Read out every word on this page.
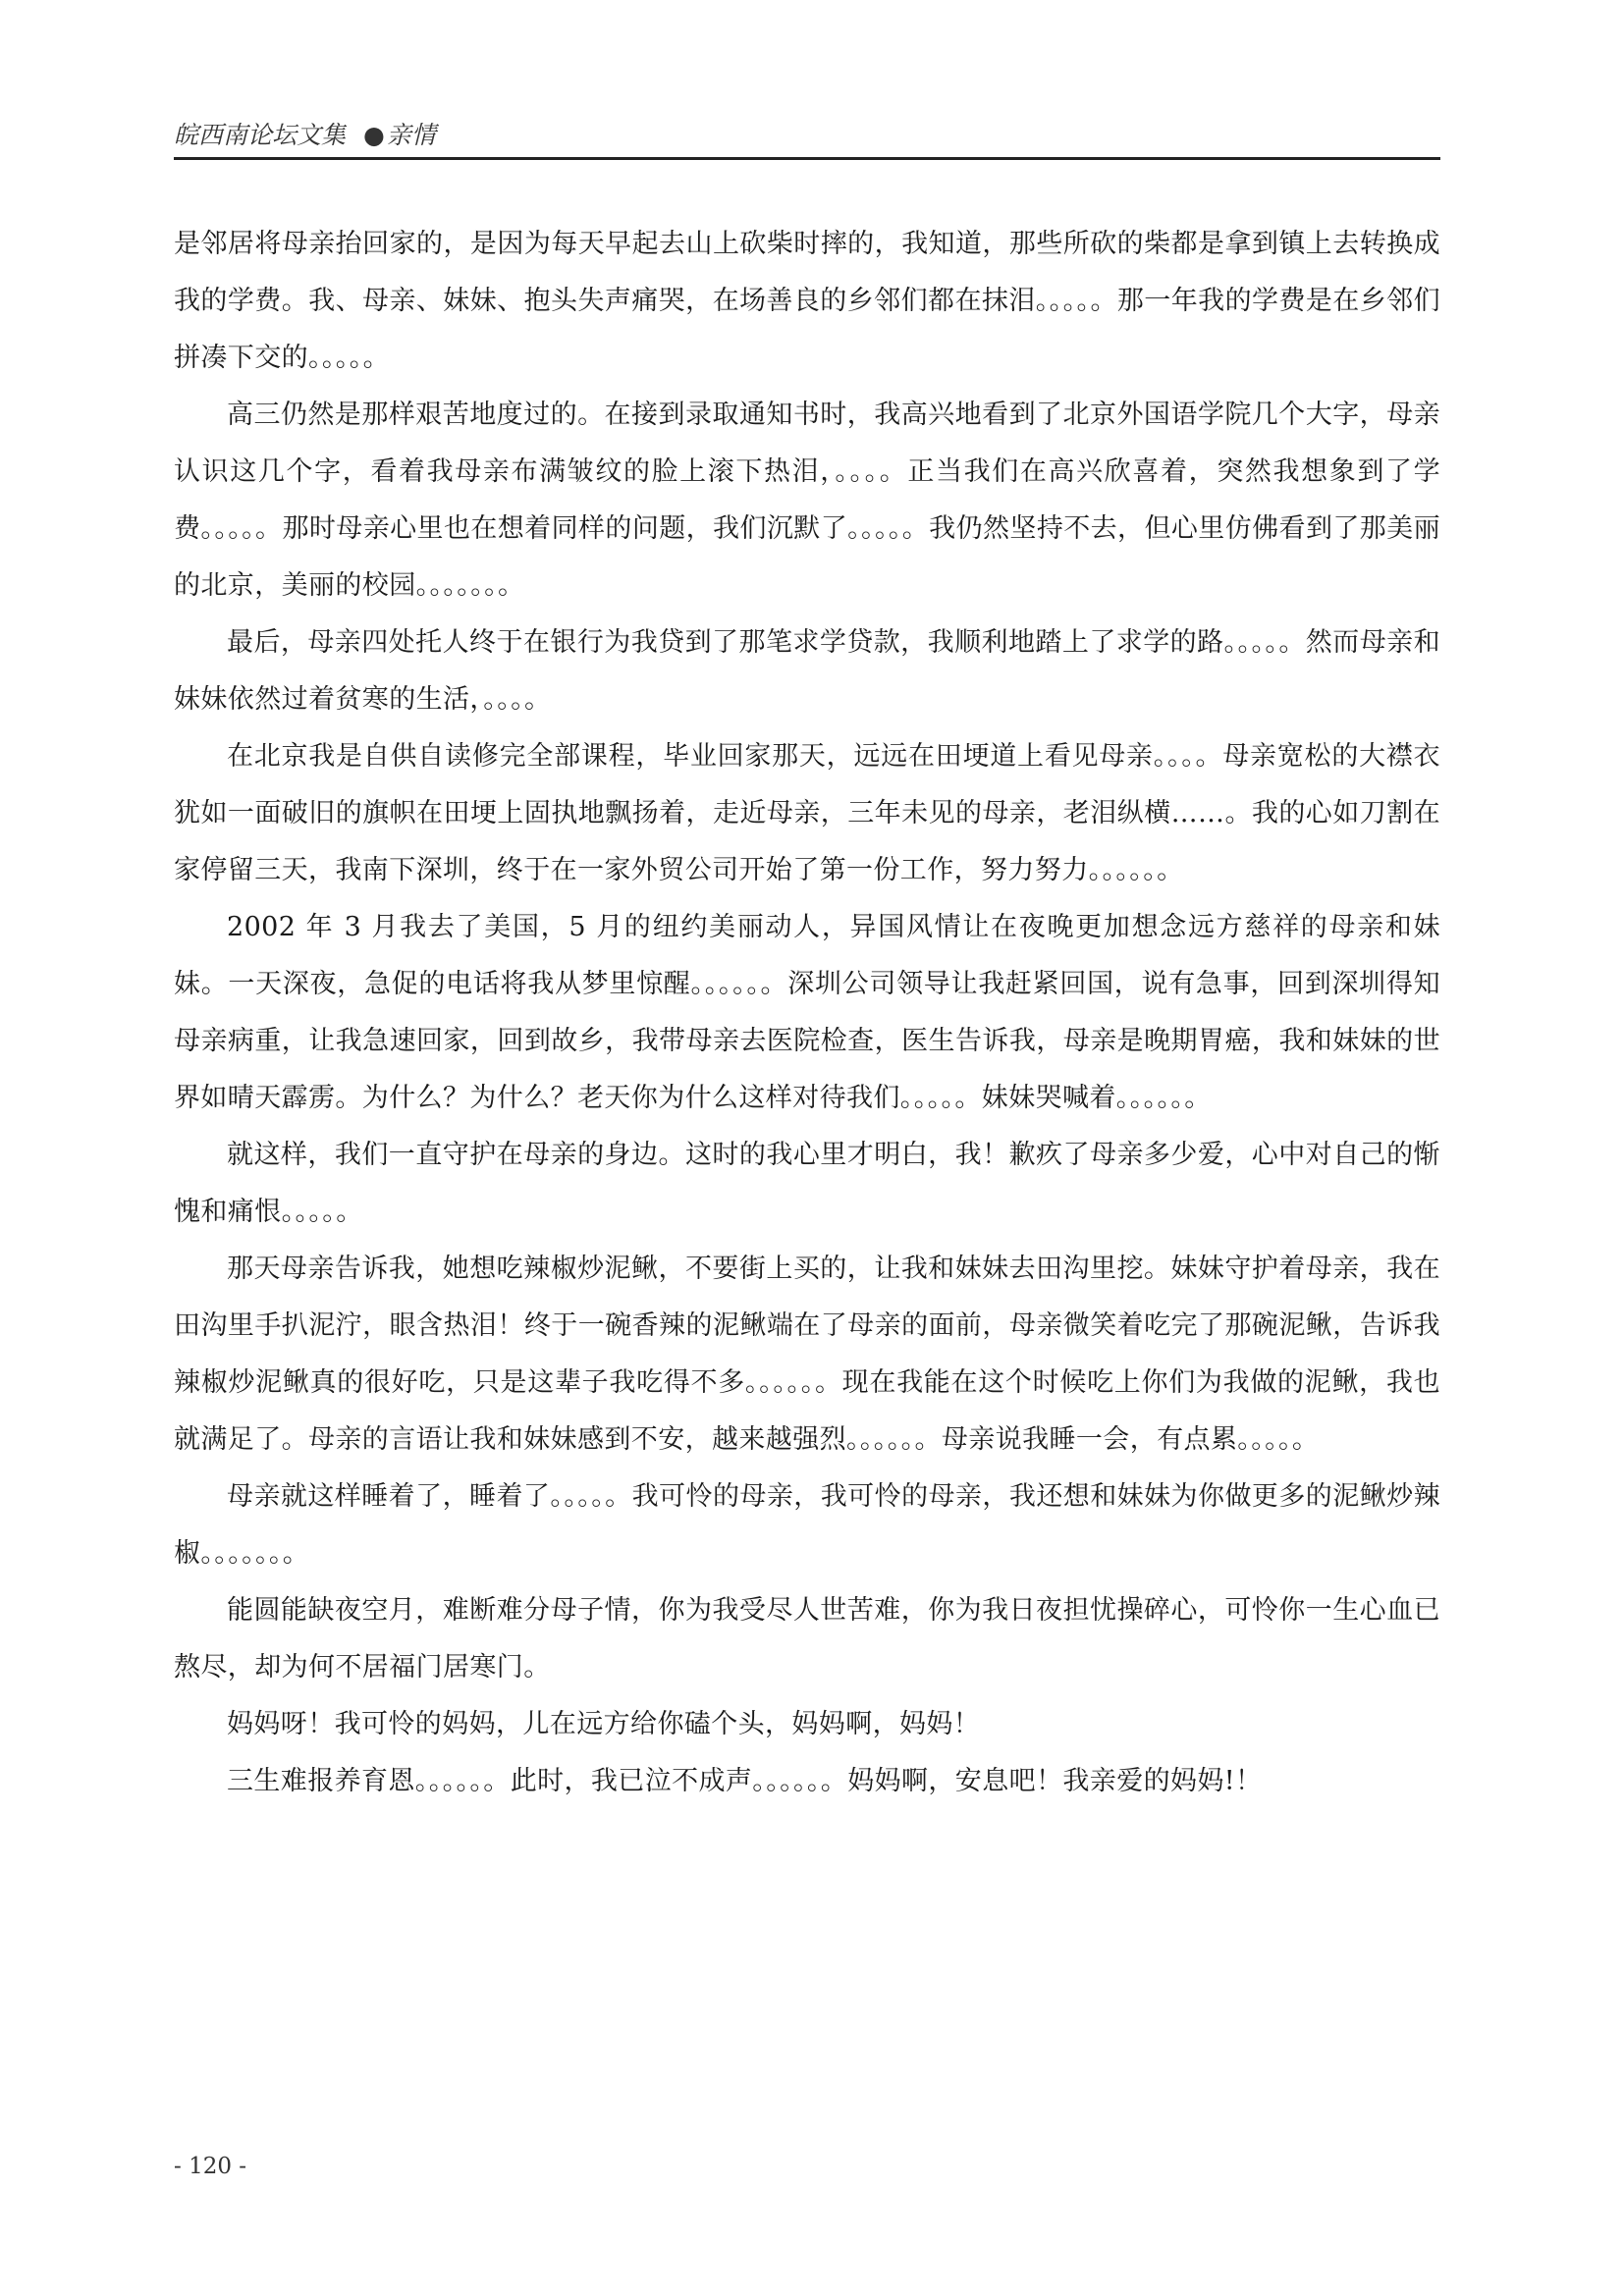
皖西南论坛文集 ●亲情

是邻居将母亲抬回家的，是因为每天早起去山上砍柴时摔的，我知道，那些所砍的柴都是拿到镇上去转换成我的学费。我、母亲、妹妹、抱头失声痛哭，在场善良的乡邻们都在抹泪。。。。。那一年我的学费是在乡邻们拼凑下交的。。。。。

高三仍然是那样艰苦地度过的。在接到录取通知书时，我高兴地看到了北京外国语学院几个大字，母亲认识这几个字，看着我母亲布满皱纹的脸上滚下热泪，。。。。正当我们在高兴欣喜着，突然我想象到了学费。。。。。那时母亲心里也在想着同样的问题，我们沉默了。。。。。我仍然坚持不去，但心里仿佛看到了那美丽的北京，美丽的校园。。。。。。。

最后，母亲四处托人终于在银行为我贷到了那笔求学贷款，我顺利地踏上了求学的路。。。。。然而母亲和妹妹依然过着贫寒的生活，。。。。

在北京我是自供自读修完全部课程，毕业回家那天，远远在田埂道上看见母亲。。。。母亲宽松的大襟衣犹如一面破旧的旗帜在田埂上固执地飘扬着，走近母亲，三年未见的母亲，老泪纵横……。我的心如刀割在家停留三天，我南下深圳，终于在一家外贸公司开始了第一份工作，努力努力。。。。。。

2002 年 3 月我去了美国，5 月的纽约美丽动人，异国风情让在夜晚更加想念远方慈祥的母亲和妹妹。一天深夜，急促的电话将我从梦里惊醒。。。。。。深圳公司领导让我赶紧回国，说有急事，回到深圳得知母亲病重，让我急速回家，回到故乡，我带母亲去医院检查，医生告诉我，母亲是晚期胃癌，我和妹妹的世界如晴天霹雳。为什么？为什么？老天你为什么这样对待我们。。。。。妹妹哭喊着。。。。。。

就这样，我们一直守护在母亲的身边。这时的我心里才明白，我！歉疚了母亲多少爱，心中对自己的惭愧和痛恨。。。。。

那天母亲告诉我，她想吃辣椒炒泥鳅，不要街上买的，让我和妹妹去田沟里挖。妹妹守护着母亲，我在田沟里手扒泥泞，眼含热泪！终于一碗香辣的泥鳅端在了母亲的面前，母亲微笑着吃完了那碗泥鳅，告诉我辣椒炒泥鳅真的很好吃，只是这辈子我吃得不多。。。。。。现在我能在这个时候吃上你们为我做的泥鳅，我也就满足了。母亲的言语让我和妹妹感到不安，越来越强烈。。。。。。母亲说我睡一会，有点累。。。。。

母亲就这样睡着了，睡着了。。。。。我可怜的母亲，我可怜的母亲，我还想和妹妹为你做更多的泥鳅炒辣椒。。。。。。。

能圆能缺夜空月，难断难分母子情，你为我受尽人世苦难，你为我日夜担忧操碎心，可怜你一生心血已熬尽，却为何不居福门居寒门。

妈妈呀！我可怜的妈妈，儿在远方给你磕个头，妈妈啊，妈妈！

三生难报养育恩。。。。。。此时，我已泣不成声。。。。。。妈妈啊，安息吧！我亲爱的妈妈!！

- 120 -
